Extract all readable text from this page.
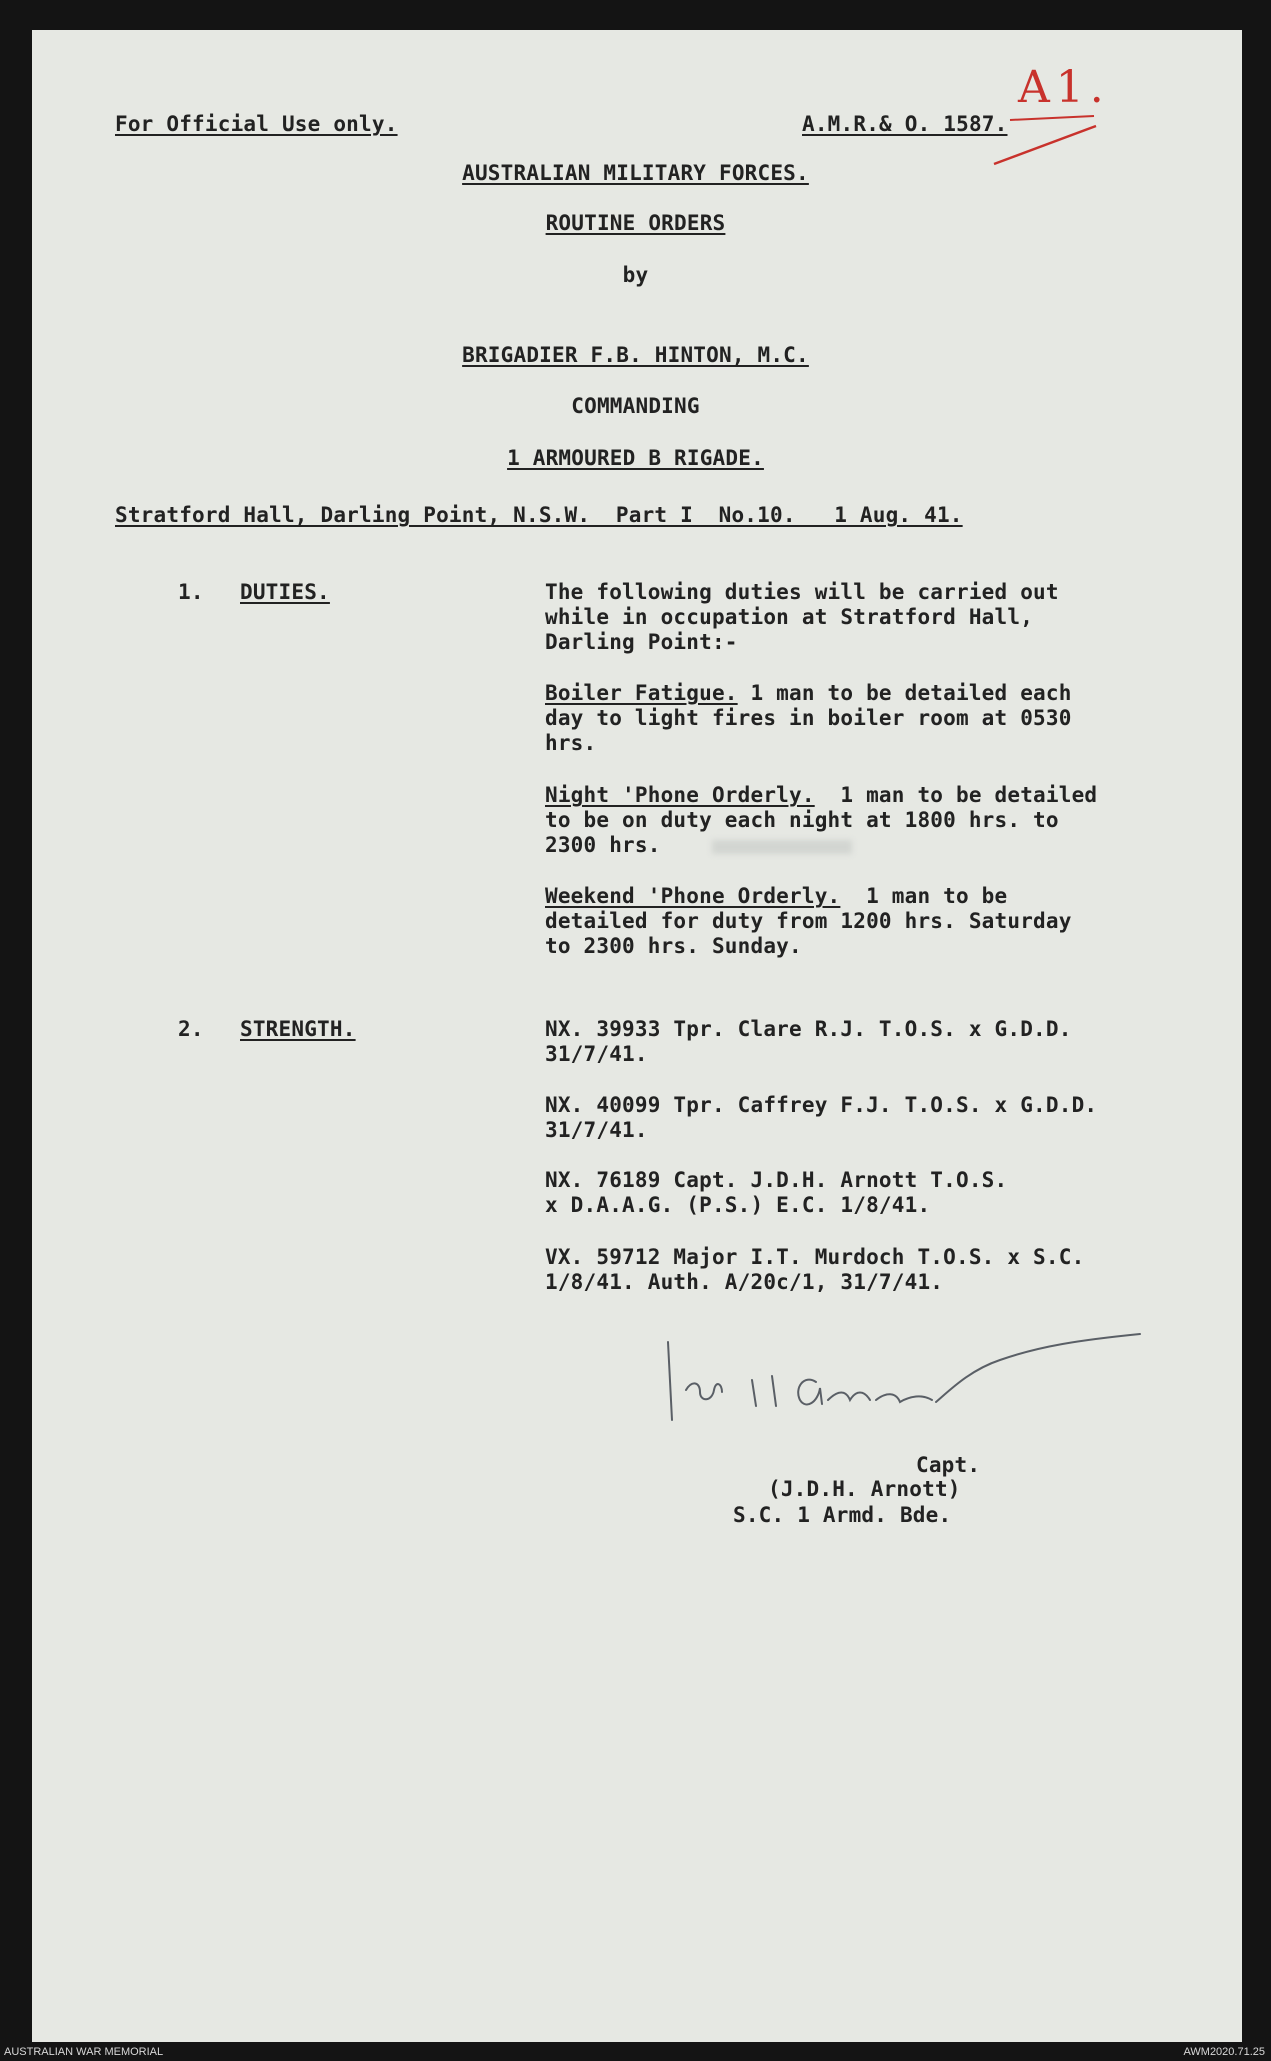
For Official Use only.	A.M.R.& O. 1587.
A1.
AUSTRALIAN MILITARY FORCES.
ROUTINE ORDERS
by
BRIGADIER F.B. HINTON, M.C.
COMMANDING
1 ARMOURED B RIGADE.
Stratford Hall, Darling Point, N.S.W.  Part I  No.10.   1 Aug. 41.
1. DUTIES.	The following duties will be carried out
while in occupation at Stratford Hall,
Darling Point:-
Boiler Fatigue. 1 man to be detailed each
day to light fires in boiler room at 0530
hrs.
Night 'Phone Orderly.  1 man to be detailed
to be on duty each night at 1800 hrs. to
2300 hrs.
Weekend 'Phone Orderly.  1 man to be
detailed for duty from 1200 hrs. Saturday
to 2300 hrs. Sunday.
2. STRENGTH.	NX. 39933 Tpr. Clare R.J. T.O.S. x G.D.D.
31/7/41.
NX. 40099 Tpr. Caffrey F.J. T.O.S. x G.D.D.
31/7/41.
NX. 76189 Capt. J.D.H. Arnott T.O.S.
x D.A.A.G. (P.S.) E.C. 1/8/41.
VX. 59712 Major I.T. Murdoch T.O.S. x S.C.
1/8/41. Auth. A/20c/1, 31/7/41.
Capt.
(J.D.H. Arnott)
S.C. 1 Armd. Bde.
AUSTRALIAN WAR MEMORIAL	AWM2020.71.25
